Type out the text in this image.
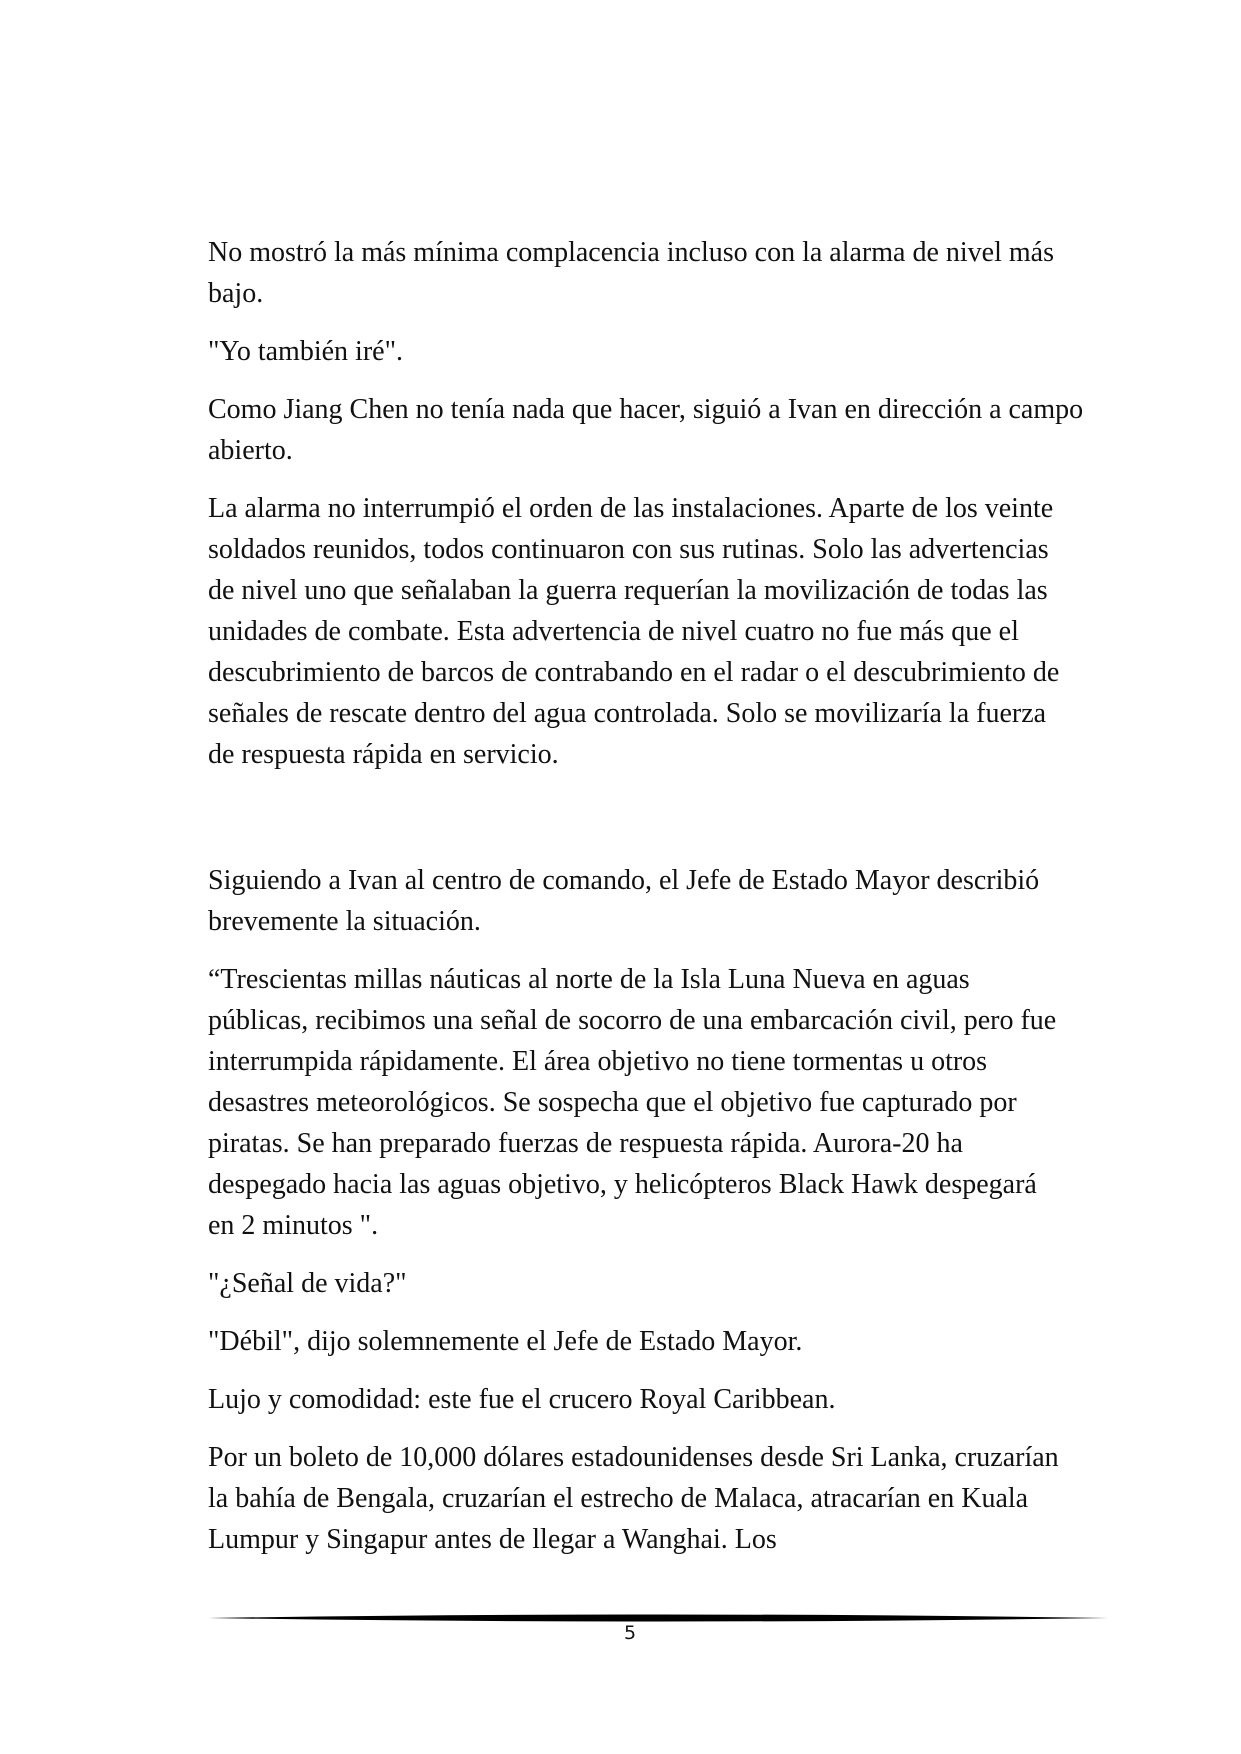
No mostró la más mínima complacencia incluso con la alarma de nivel más bajo.

"Yo también iré".

Como Jiang Chen no tenía nada que hacer, siguió a Ivan en dirección a campo abierto.

La alarma no interrumpió el orden de las instalaciones. Aparte de los veinte soldados reunidos, todos continuaron con sus rutinas. Solo las advertencias de nivel uno que señalaban la guerra requerían la movilización de todas las unidades de combate. Esta advertencia de nivel cuatro no fue más que el descubrimiento de barcos de contrabando en el radar o el descubrimiento de señales de rescate dentro del agua controlada. Solo se movilizaría la fuerza de respuesta rápida en servicio.

Siguiendo a Ivan al centro de comando, el Jefe de Estado Mayor describió brevemente la situación.

“Trescientas millas náuticas al norte de la Isla Luna Nueva en aguas públicas, recibimos una señal de socorro de una embarcación civil, pero fue interrumpida rápidamente. El área objetivo no tiene tormentas u otros desastres meteorológicos. Se sospecha que el objetivo fue capturado por piratas. Se han preparado fuerzas de respuesta rápida. Aurora-20 ha despegado hacia las aguas objetivo, y helicópteros Black Hawk despegará en 2 minutos ".

"¿Señal de vida?"

"Débil", dijo solemnemente el Jefe de Estado Mayor.

Lujo y comodidad: este fue el crucero Royal Caribbean.

Por un boleto de 10,000 dólares estadounidenses desde Sri Lanka, cruzarían la bahía de Bengala, cruzarían el estrecho de Malaca, atracarían en Kuala Lumpur y Singapur antes de llegar a Wanghai. Los

5
